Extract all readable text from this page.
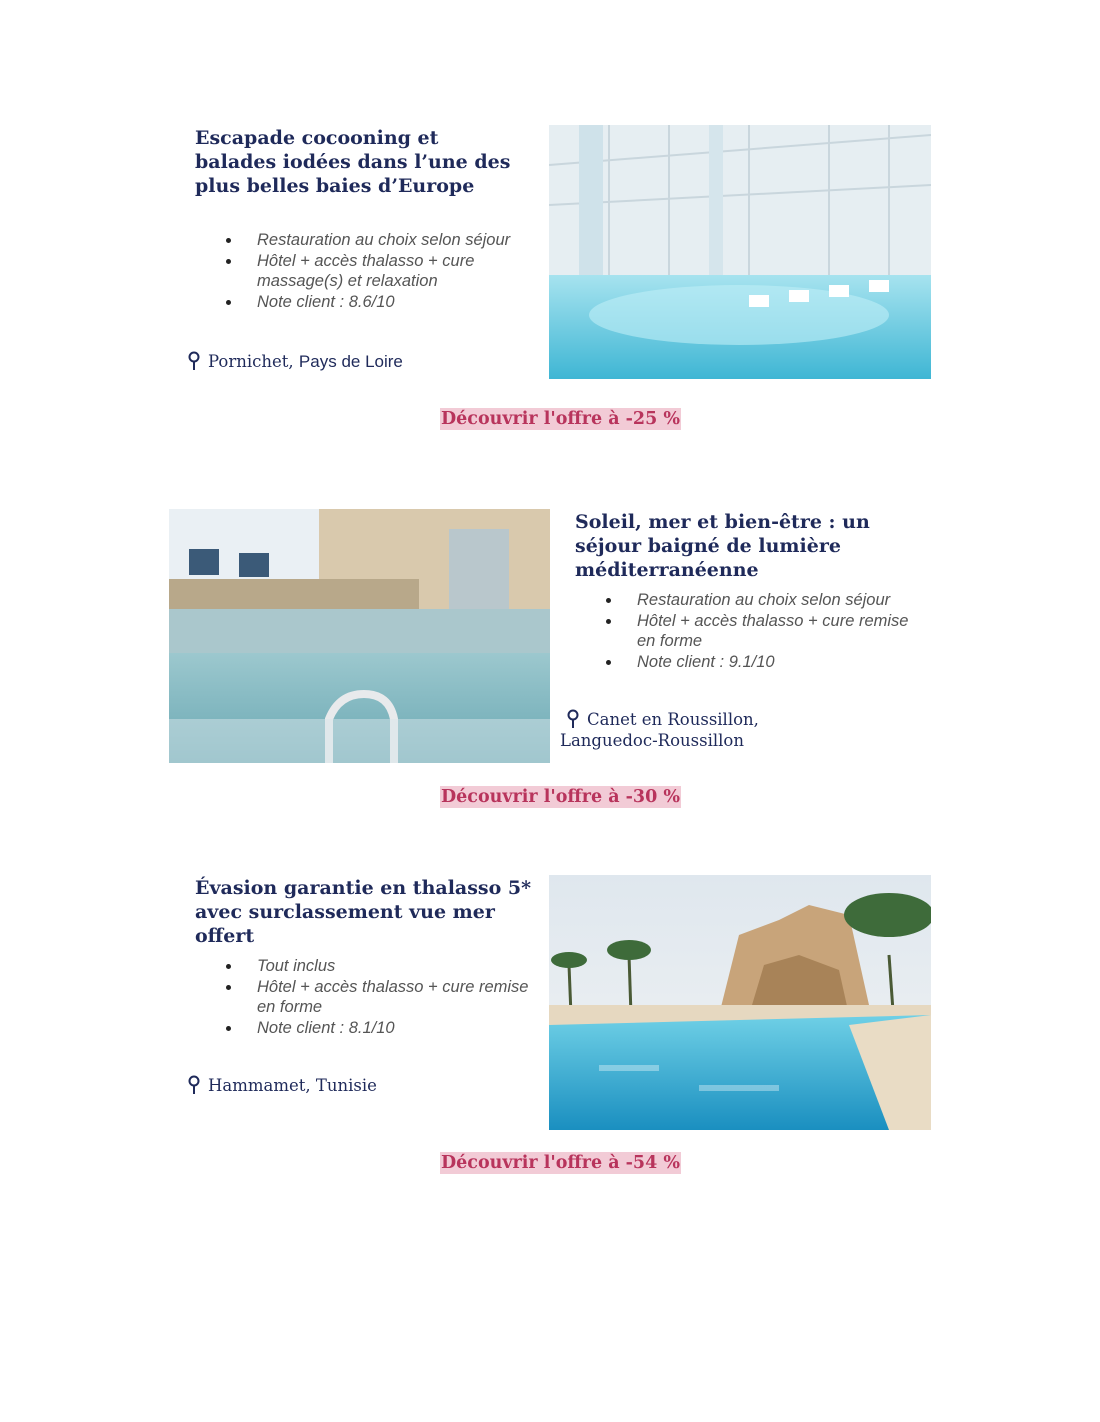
Escapade cocooning et balades iodées dans l’une des plus belles baies d’Europe
Restauration au choix selon séjour
Hôtel + accès thalasso + cure massage(s) et relaxation
Note client : 8.6/10
Pornichet, Pays de Loire
Découvrir l'offre à -25 %
Soleil, mer et bien-être : un séjour baigné de lumière méditerranéenne
Restauration au choix selon séjour
Hôtel + accès thalasso + cure remise en forme
Note client : 9.1/10
Canet en Roussillon, Languedoc-Roussillon
Découvrir l'offre à -30 %
Évasion garantie en thalasso 5* avec surclassement vue mer offert
Tout inclus
Hôtel + accès thalasso + cure remise en forme
Note client : 8.1/10
Hammamet, Tunisie
Découvrir l'offre à -54 %
